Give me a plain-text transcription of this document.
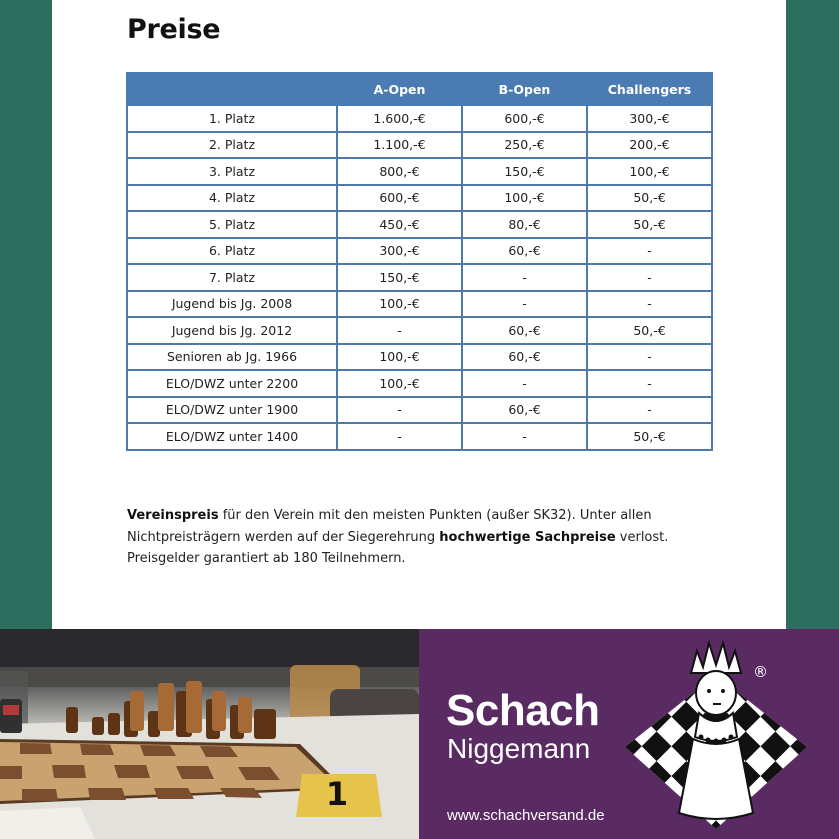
Preise
	A-Open	B-Open	Challengers
1. Platz	1.600,-€	600,-€	300,-€
2. Platz	1.100,-€	250,-€	200,-€
3. Platz	800,-€	150,-€	100,-€
4. Platz	600,-€	100,-€	50,-€
5. Platz	450,-€	80,-€	50,-€
6. Platz	300,-€	60,-€	-
7. Platz	150,-€	-	-
Jugend bis Jg. 2008	100,-€	-	-
Jugend bis Jg. 2012	-	60,-€	50,-€
Senioren ab Jg. 1966	100,-€	60,-€	-
ELO/DWZ unter 2200	100,-€	-	-
ELO/DWZ unter 1900	-	60,-€	-
ELO/DWZ unter 1400	-	-	50,-€

Vereinspreis für den Verein mit den meisten Punkten (außer SK32). Unter allen Nichtpreisträgern werden auf der Siegerehrung hochwertige Sachpreise verlost. Preisgelder garantiert ab 180 Teilnehmern.

1

Schach

Niggemann

www.schachversand.de

®
